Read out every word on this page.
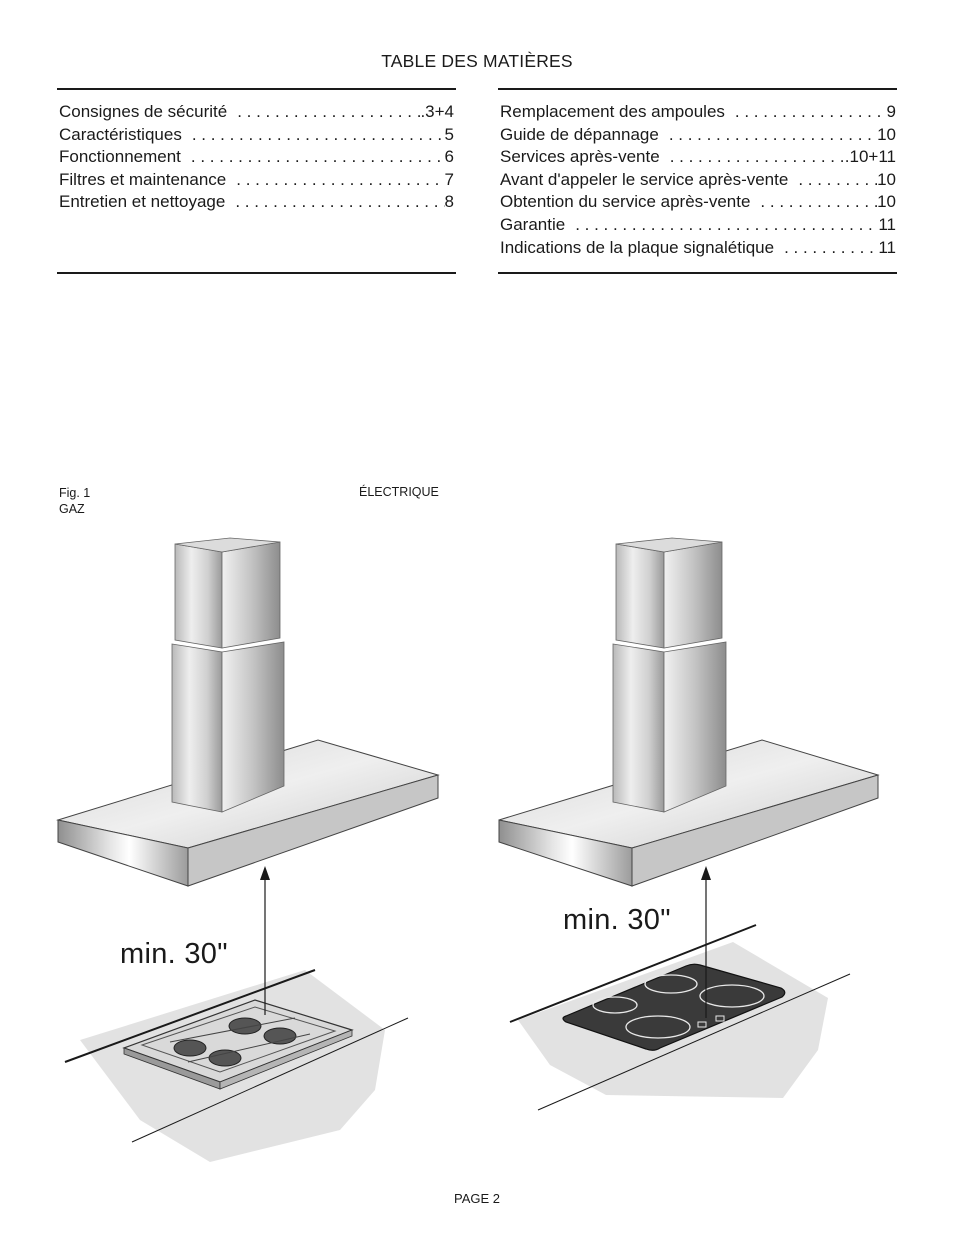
TABLE DES MATIÈRES
Consignes de sécurité . . .	.3+4
Caractéristiques . . .	5
Fonctionnement . . .	6
Filtres et maintenance . . .	7
Entretien et nettoyage . . .	8
Remplacement des ampoules . . .	9
Guide de dépannage . . .	10
Services après-vente . . .	.10+11
Avant d'appeler le service après-vente . . .	10
Obtention du service après-vente . . .	10
Garantie . . .	11
Indications de la plaque signalétique . . .	11
Fig. 1
GAZ
ÉLECTRIQUE
min. 30"
min. 30"
PAGE 2
